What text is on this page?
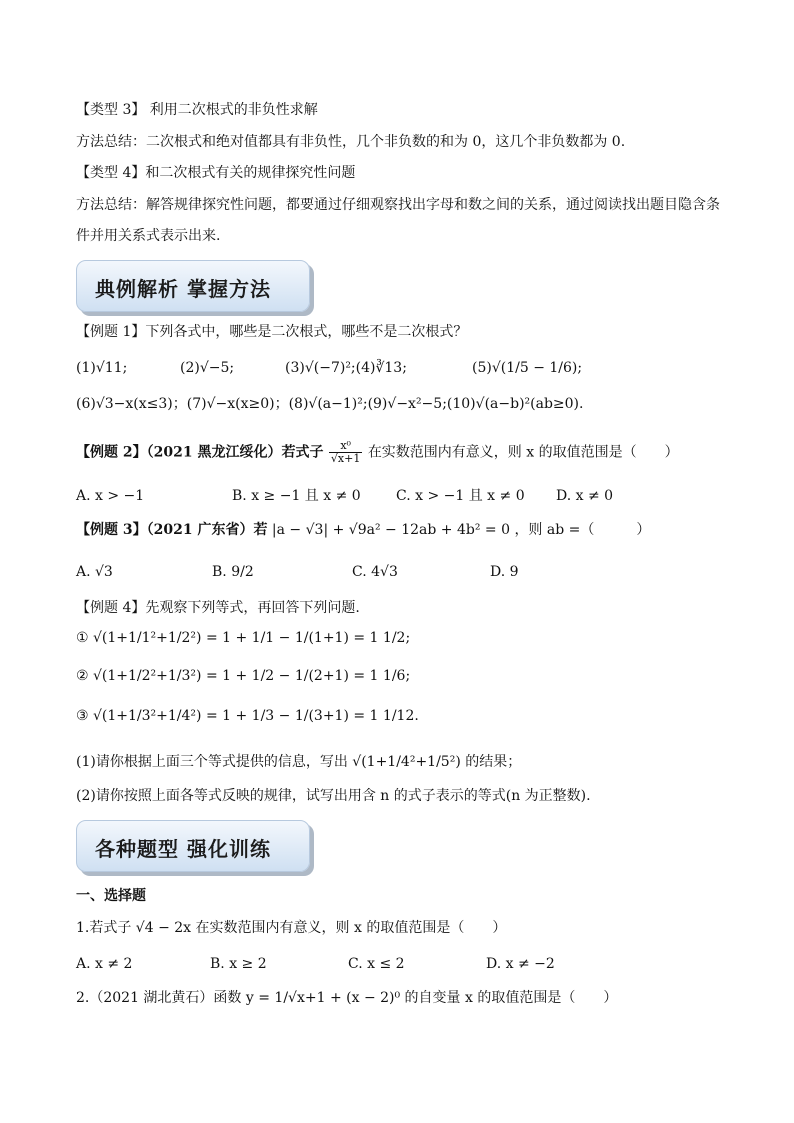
【类型 3】 利用二次根式的非负性求解
方法总结：二次根式和绝对值都具有非负性，几个非负数的和为 0，这几个非负数都为 0.
【类型 4】和二次根式有关的规律探究性问题
方法总结：解答规律探究性问题，都要通过仔细观察找出字母和数之间的关系，通过阅读找出题目隐含条
件并用关系式表示出来.
典例解析 掌握方法
【例题 1】下列各式中，哪些是二次根式，哪些不是二次根式？
(1)√11;	(2)√−5;	(3)√(−7)²;(4)∛13;	(5)√(1/5 − 1/6);
(6)√3−x(x≤3)；(7)√−x(x≥0)；(8)√(a−1)²;(9)√−x²−5;(10)√(a−b)²(ab≥0).
【例题 2】（2021 黑龙江绥化）若式子 $\frac{\text{x⁰}}{√x+1}$ 在实数范围内有意义，则 x 的取值范围是（　　）
A. x > −1	B. x ≥ −1 且 x ≠ 0	C. x > −1 且 x ≠ 0 D. x ≠ 0
【例题 3】（2021 广东省）若 |a − √3| + √9a² − 12ab + 4b² = 0 ，则 ab =（　　　）
A. √3	B. 9/2	C. 4√3	D. 9
【例题 4】先观察下列等式，再回答下列问题.
① √(1+1/1²+1/2²) = 1 + 1/1 − 1/(1+1) = 1 1/2;
② √(1+1/2²+1/3²) = 1 + 1/2 − 1/(2+1) = 1 1/6;
③ √(1+1/3²+1/4²) = 1 + 1/3 − 1/(3+1) = 1 1/12.
(1)请你根据上面三个等式提供的信息，写出 √(1+1/4²+1/5²) 的结果；
(2)请你按照上面各等式反映的规律，试写出用含 n 的式子表示的等式(n 为正整数).
各种题型 强化训练
一、选择题
1.若式子 √4 − 2x 在实数范围内有意义，则 x 的取值范围是（　　）
A. x ≠ 2	B. x ≥ 2	C. x ≤ 2	D. x ≠ −2
2.（2021 湖北黄石）函数 y = 1/√x+1 + (x − 2)⁰ 的自变量 x 的取值范围是（　　）
